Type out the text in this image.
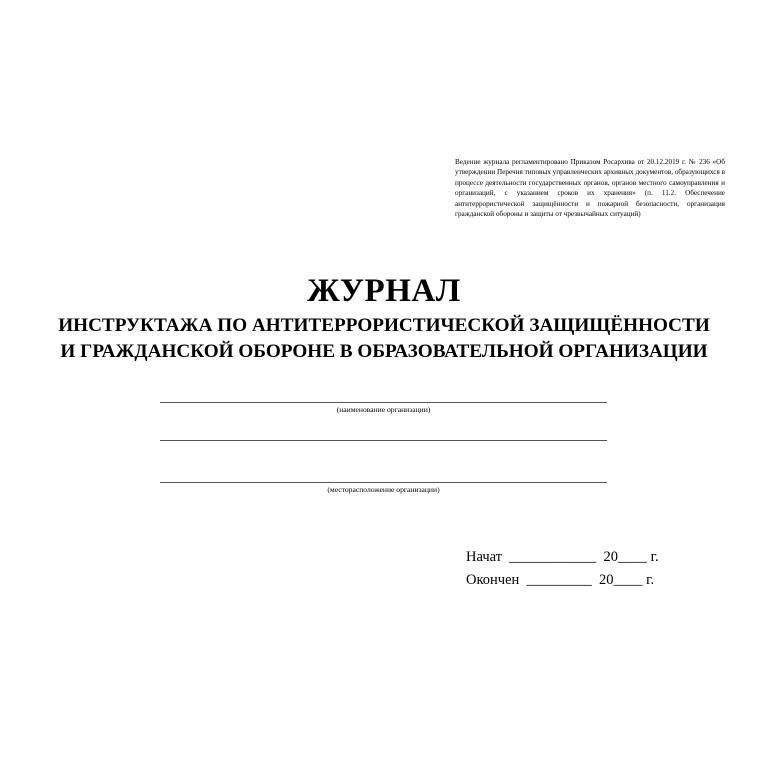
Ведение журнала регламентировано Приказом Росархива от 20.12.2019 г. № 236 «Об утверждении Перечня типовых управленческих архивных документов, образующихся в процессе деятельности государственных органов, органов местного самоуправления и организаций, с указанием сроков их хранения» (п. 11.2. Обеспечение антитеррористической защищённости и пожарной безопасности, организация гражданской обороны и защиты от чрезвычайных ситуаций)
ЖУРНАЛ
ИНСТРУКТАЖА ПО АНТИТЕРРОРИСТИЧЕСКОЙ ЗАЩИЩЁННОСТИ
И ГРАЖДАНСКОЙ ОБОРОНЕ В ОБРАЗОВАТЕЛЬНОЙ ОРГАНИЗАЦИИ
(наименование организации)
(месторасположение организации)
Начат  ____________  20____ г.
Окончен  _________  20____ г.
